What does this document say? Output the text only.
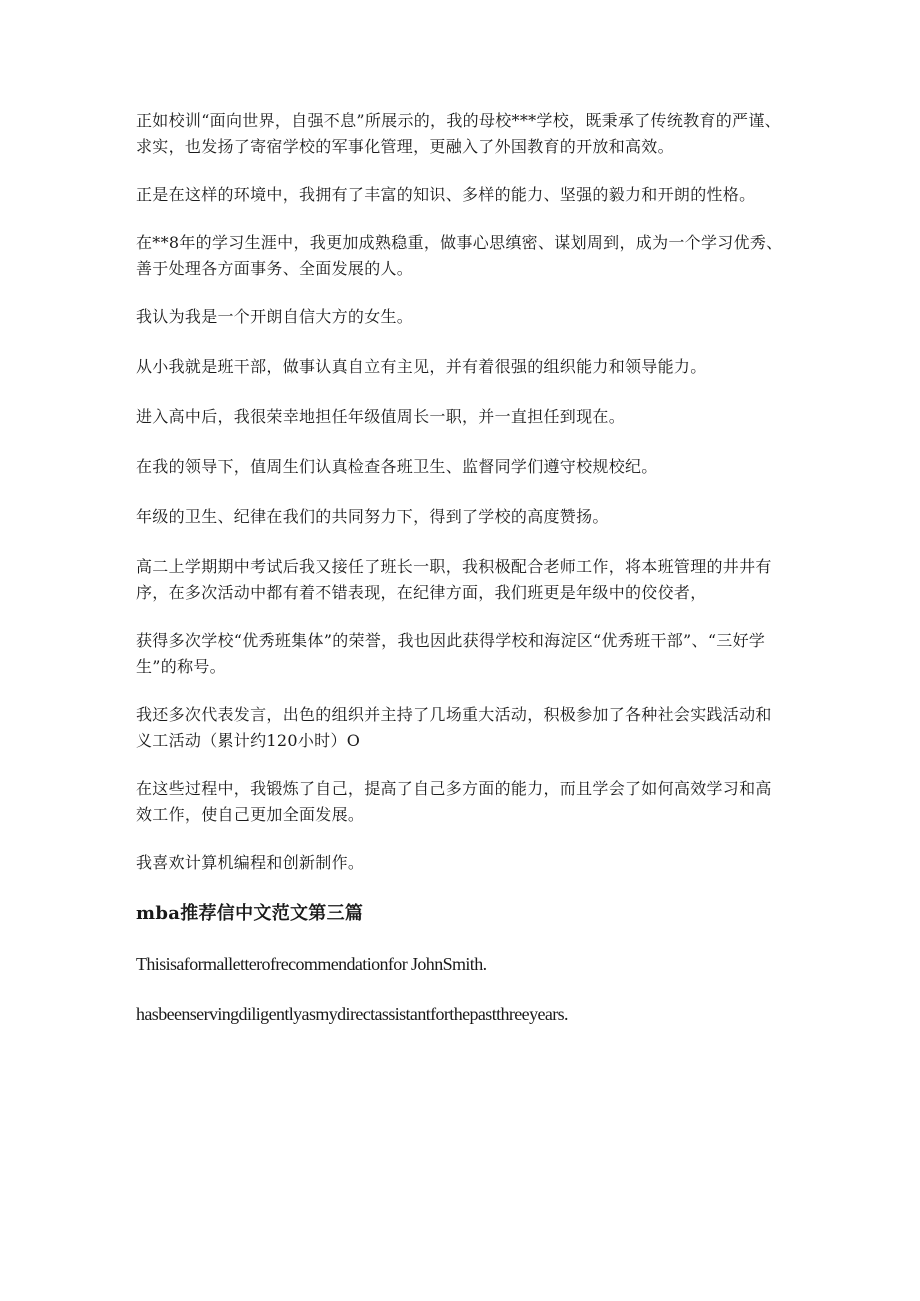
正如校训“面向世界，自强不息”所展示的，我的母校***学校，既秉承了传统教育的严谨、求实，也发扬了寄宿学校的军事化管理，更融入了外国教育的开放和高效。

正是在这样的环境中，我拥有了丰富的知识、多样的能力、坚强的毅力和开朗的性格。

在**8年的学习生涯中，我更加成熟稳重，做事心思缜密、谋划周到，成为一个学习优秀、善于处理各方面事务、全面发展的人。

我认为我是一个开朗自信大方的女生。

从小我就是班干部，做事认真自立有主见，并有着很强的组织能力和领导能力。

进入高中后，我很荣幸地担任年级值周长一职，并一直担任到现在。

在我的领导下，值周生们认真检查各班卫生、监督同学们遵守校规校纪。

年级的卫生、纪律在我们的共同努力下，得到了学校的高度赞扬。

高二上学期期中考试后我又接任了班长一职，我积极配合老师工作，将本班管理的井井有序，在多次活动中都有着不错表现，在纪律方面，我们班更是年级中的佼佼者，

获得多次学校“优秀班集体”的荣誉，我也因此获得学校和海淀区“优秀班干部”、“三好学生”的称号。

我还多次代表发言，出色的组织并主持了几场重大活动，积极参加了各种社会实践活动和义工活动（累计约120小时）O

在这些过程中，我锻炼了自己，提高了自己多方面的能力，而且学会了如何高效学习和高效工作，使自己更加全面发展。

我喜欢计算机编程和创新制作。

mba推荐信中文范文第三篇

Thisisaformalletterofrecommendationfor JohnSmith.

hasbeenservingdiligentlyasmydirectassistantforthepastthreeyears.
